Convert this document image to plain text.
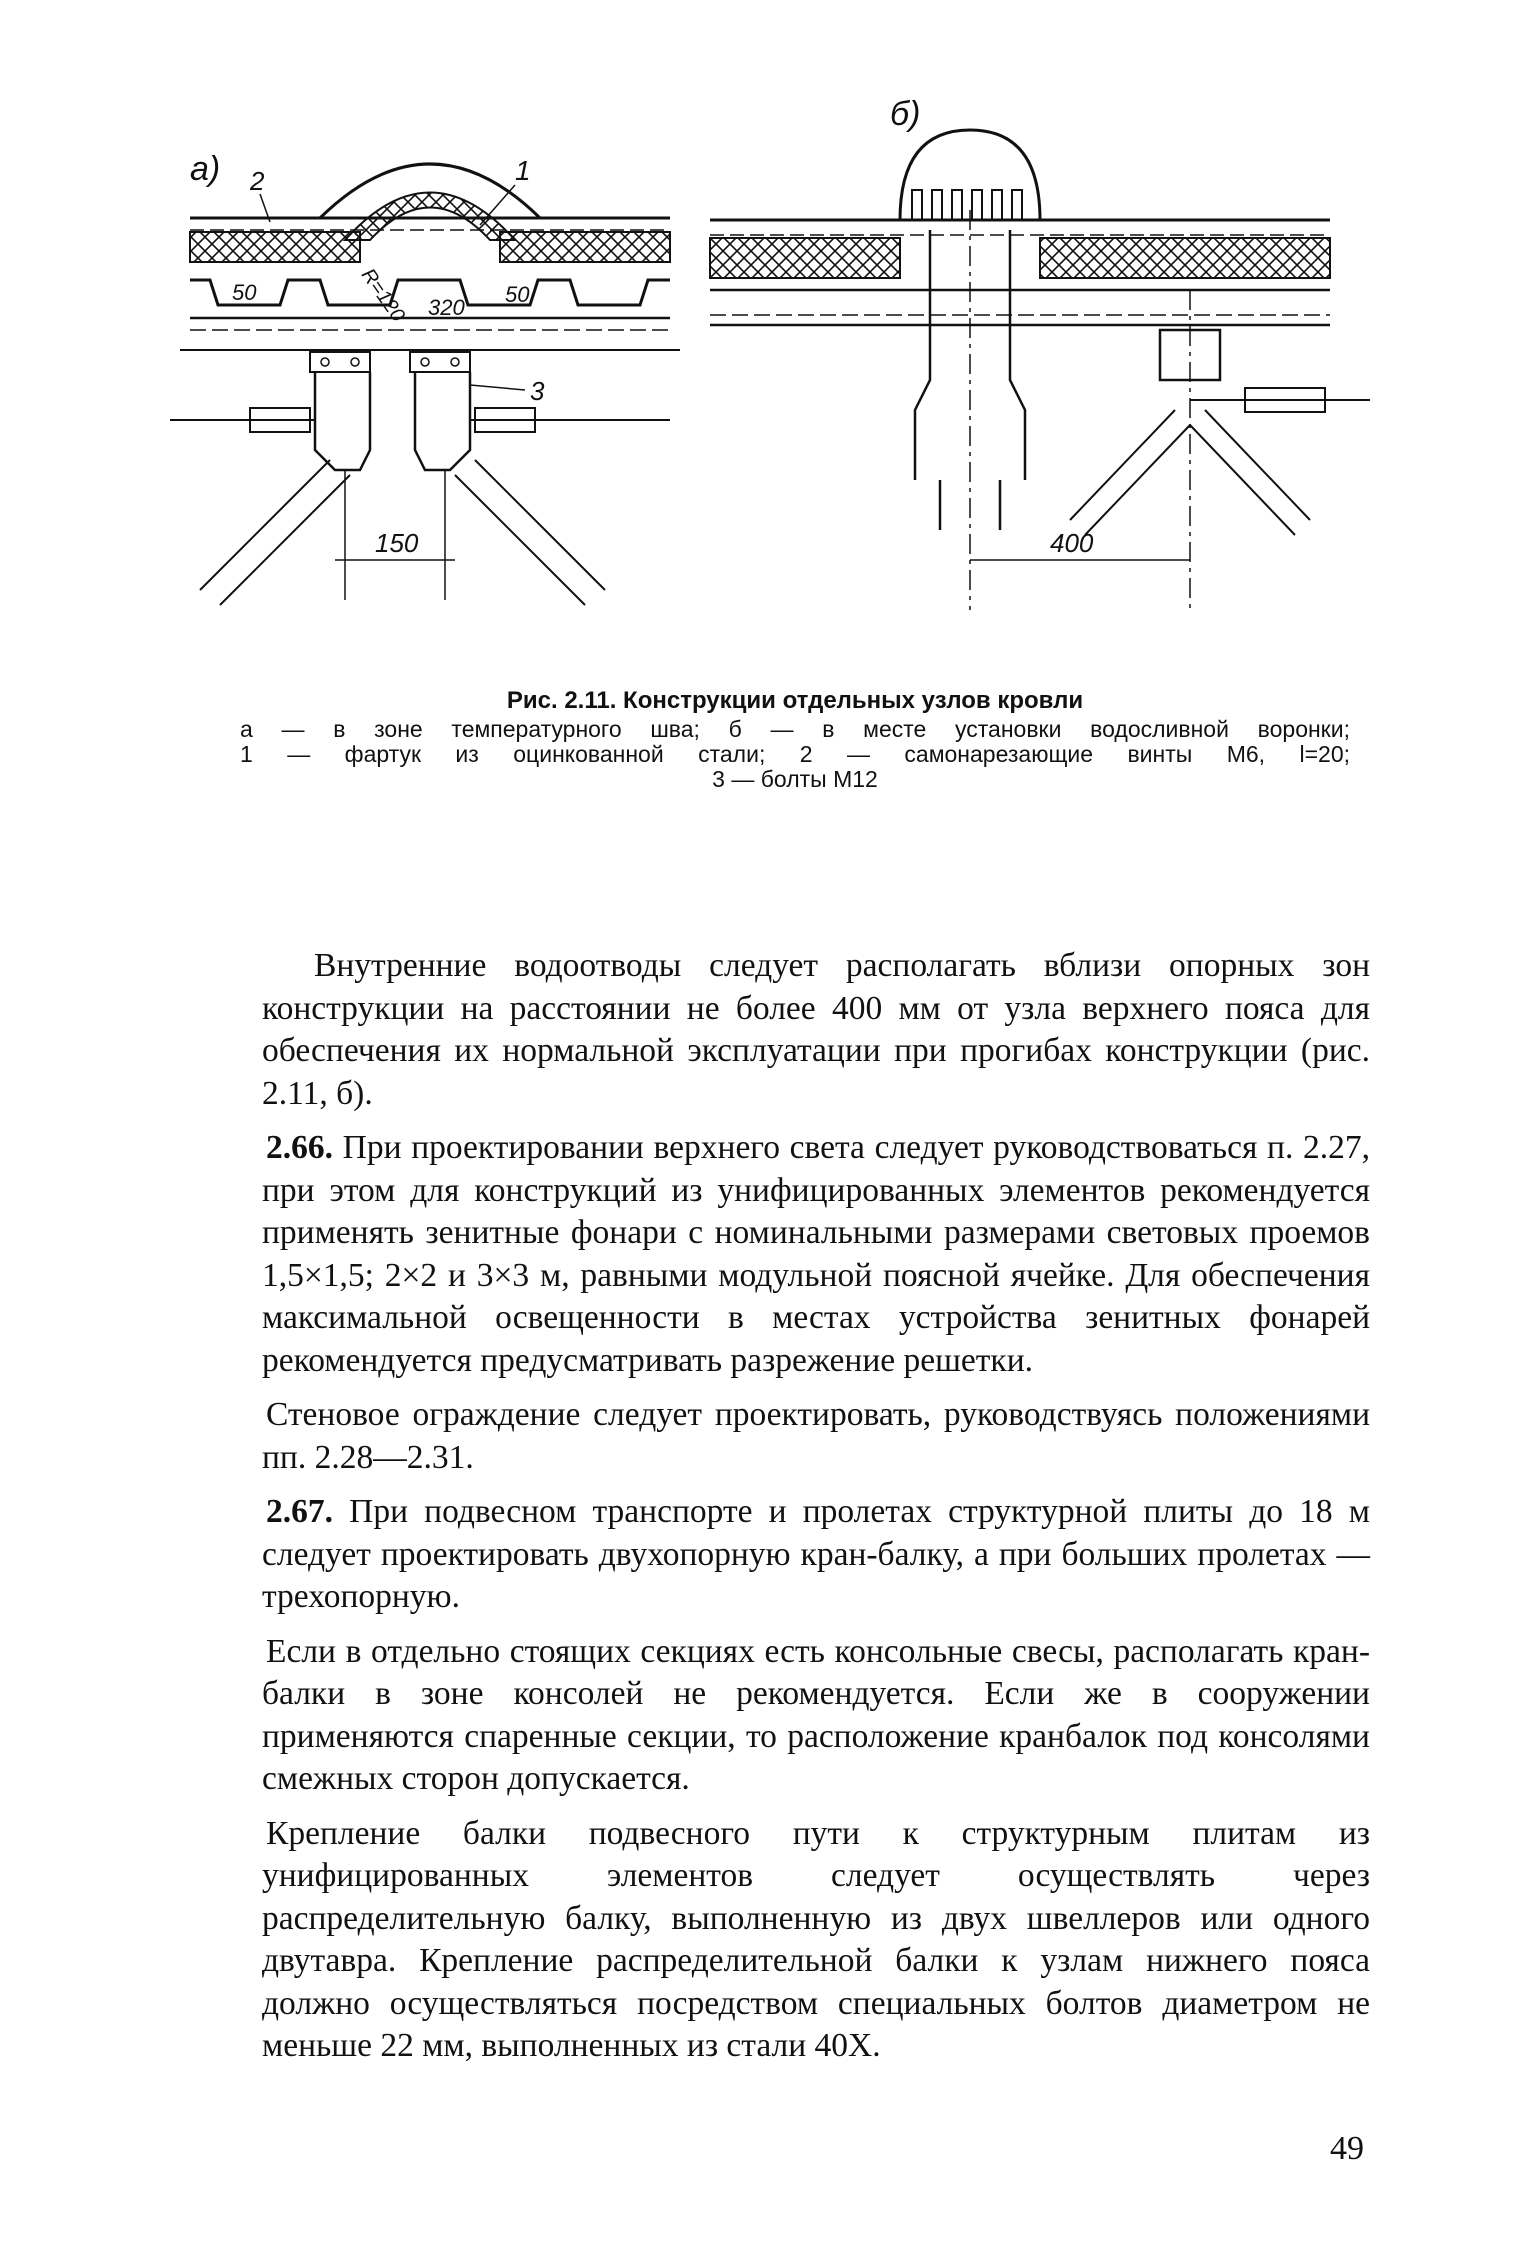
а)
50	50
R=120 320
2	1
3
150
б)
400
Рис. 2.11. Конструкции отдельных узлов кровли
а — в зоне температурного шва; б — в месте установки водосливной воронки;
1 — фартук из оцинкованной стали; 2 — самонарезающие винты М6, l=20;
3 — болты М12

Внутренние водоотводы следует располагать вблизи опорных зон конструкции на расстоянии не более 400 мм от узла верхнего пояса для обеспечения их нормальной эксплуатации при прогибах конструкции (рис. 2.11, б).

2.66. При проектировании верхнего света следует руководствоваться п. 2.27, при этом для конструкций из унифицированных элементов рекомендуется применять зенитные фонари с номинальными размерами световых проемов 1,5×1,5; 2×2 и 3×3 м, равными модульной поясной ячейке. Для обеспечения максимальной освещенности в местах устройства зенитных фонарей рекомендуется предусматривать разрежение решетки.

Стеновое ограждение следует проектировать, руководствуясь положениями пп. 2.28—2.31.

2.67. При подвесном транспорте и пролетах структурной плиты до 18 м следует проектировать двухопорную кран-балку, а при больших пролетах — трехопорную.

Если в отдельно стоящих секциях есть консольные свесы, располагать кран-балки в зоне консолей не рекомендуется. Если же в сооружении применяются спаренные секции, то расположение кранбалок под консолями смежных сторон допускается.

Крепление балки подвесного пути к структурным плитам из унифицированных элементов следует осуществлять через распределительную балку, выполненную из двух швеллеров или одного двутавра. Крепление распределительной балки к узлам нижнего пояса должно осуществляться посредством специальных болтов диаметром не меньше 22 мм, выполненных из стали 40Х.

49
